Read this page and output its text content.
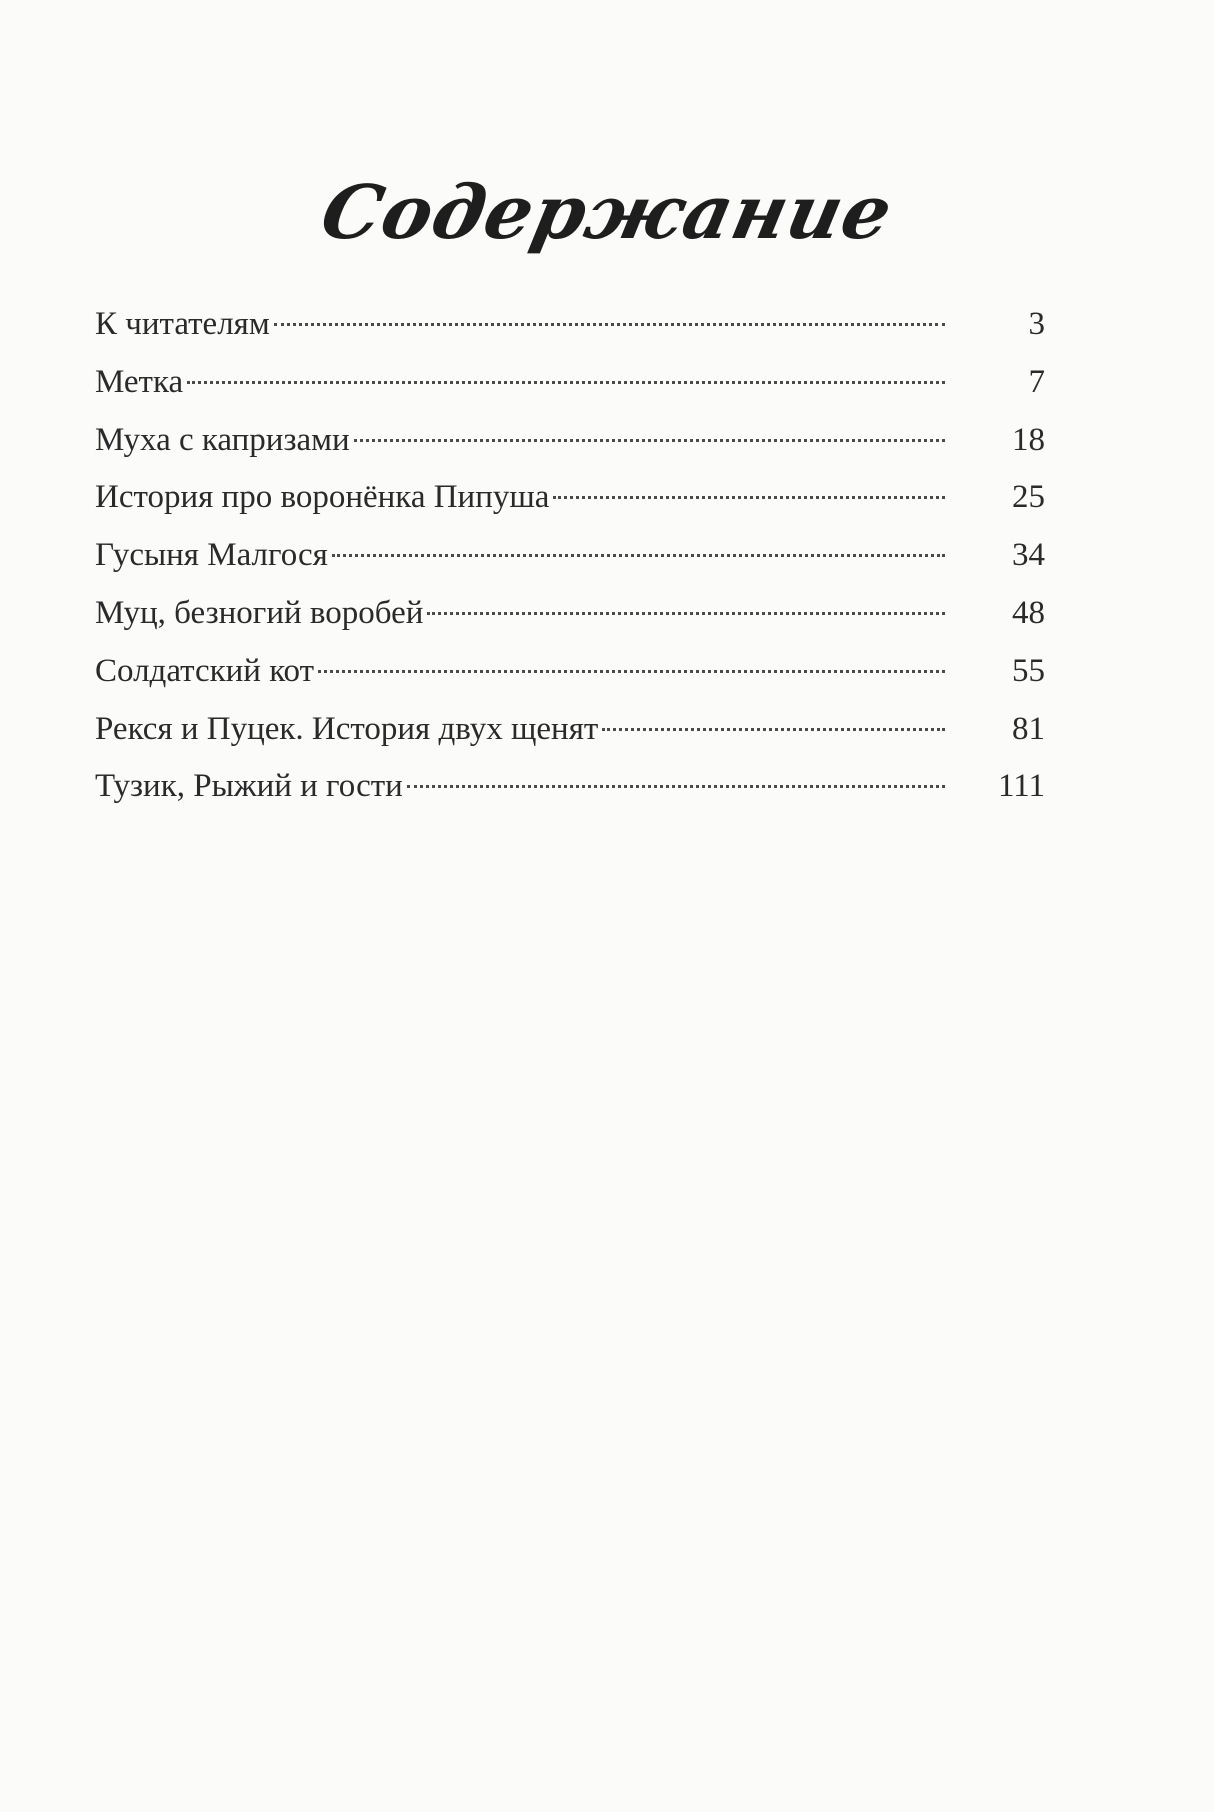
Содержание
К читателям	3
Метка	7
Муха с капризами	18
История про воронёнка Пипуша	25
Гусыня Малгося	34
Муц, безногий воробей	48
Солдатский кот	55
Рекся и Пуцек. История двух щенят	81
Тузик, Рыжий и гости	111
